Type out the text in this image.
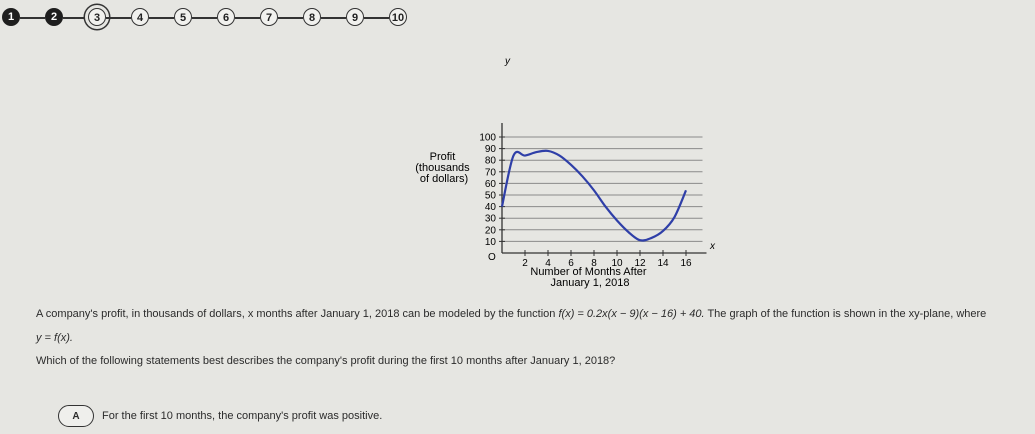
1	2	3	4	5	6	7	8	9	10
10
20
30
40
50
60
70
80
90
100
2 4 6 8 10 12 14 16
y
x
O
Profit (thousands of dollars)
Number of Months After January 1, 2018

A company's profit, in thousands of dollars, x months after January 1, 2018 can be modeled by the function f(x) = 0.2x(x − 9)(x − 16) + 40. The graph of the function is shown in the xy-plane, where

y = f(x).

Which of the following statements best describes the company's profit during the first 10 months after January 1, 2018?
A	For the first 10 months, the company's profit was positive.
